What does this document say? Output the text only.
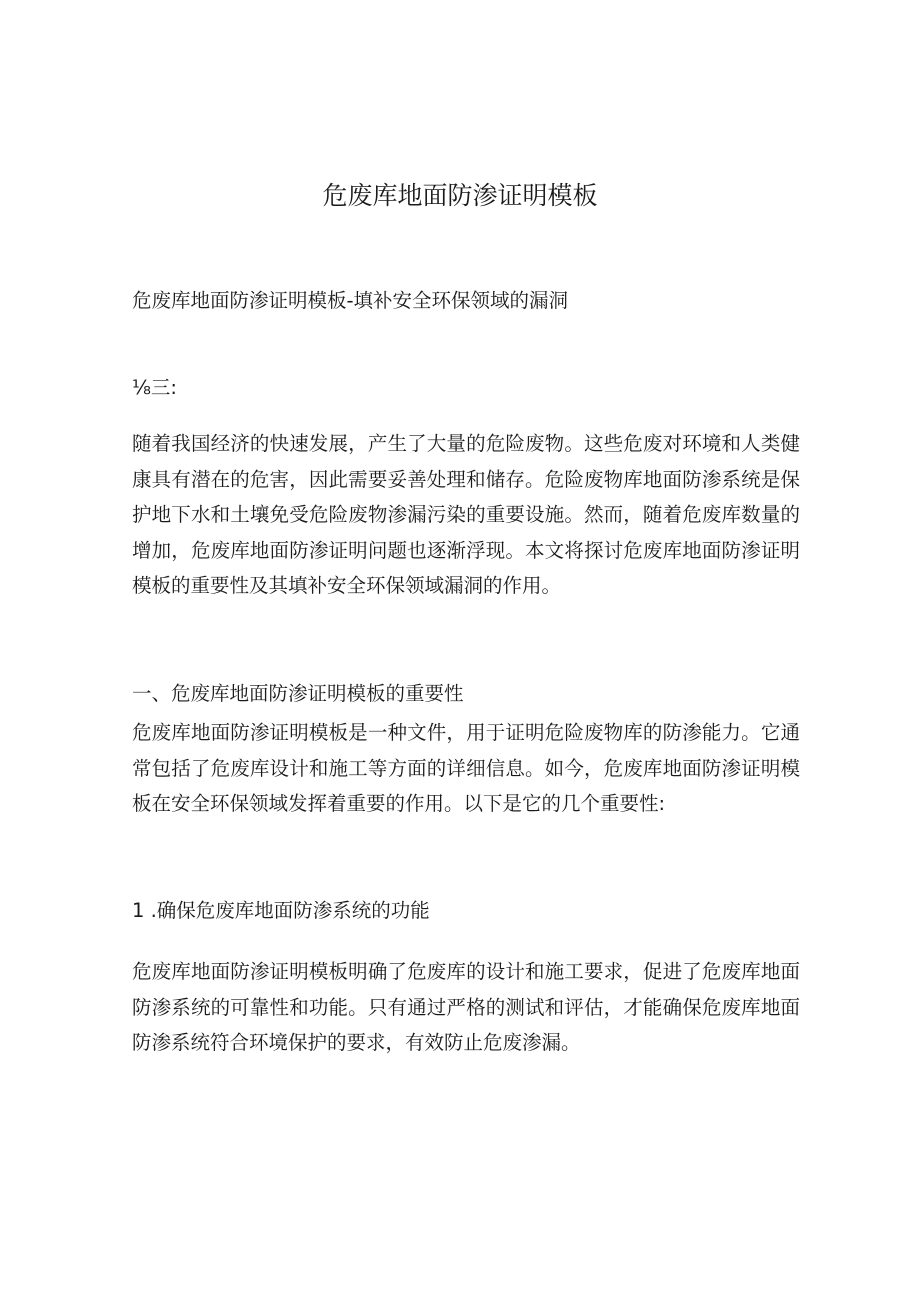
危废库地面防渗证明模板
危废库地面防渗证明模板-填补安全环保领域的漏洞
⅛三:
随着我国经济的快速发展，产生了大量的危险废物。这些危废对环境和人类健康具有潜在的危害，因此需要妥善处理和储存。危险废物库地面防渗系统是保护地下水和土壤免受危险废物渗漏污染的重要设施。然而，随着危废库数量的增加，危废库地面防渗证明问题也逐渐浮现。本文将探讨危废库地面防渗证明模板的重要性及其填补安全环保领域漏洞的作用。
一、危废库地面防渗证明模板的重要性
危废库地面防渗证明模板是一种文件，用于证明危险废物库的防渗能力。它通常包括了危废库设计和施工等方面的详细信息。如今，危废库地面防渗证明模板在安全环保领域发挥着重要的作用。以下是它的几个重要性:
1 .确保危废库地面防渗系统的功能
危废库地面防渗证明模板明确了危废库的设计和施工要求，促进了危废库地面防渗系统的可靠性和功能。只有通过严格的测试和评估，才能确保危废库地面防渗系统符合环境保护的要求，有效防止危废渗漏。
